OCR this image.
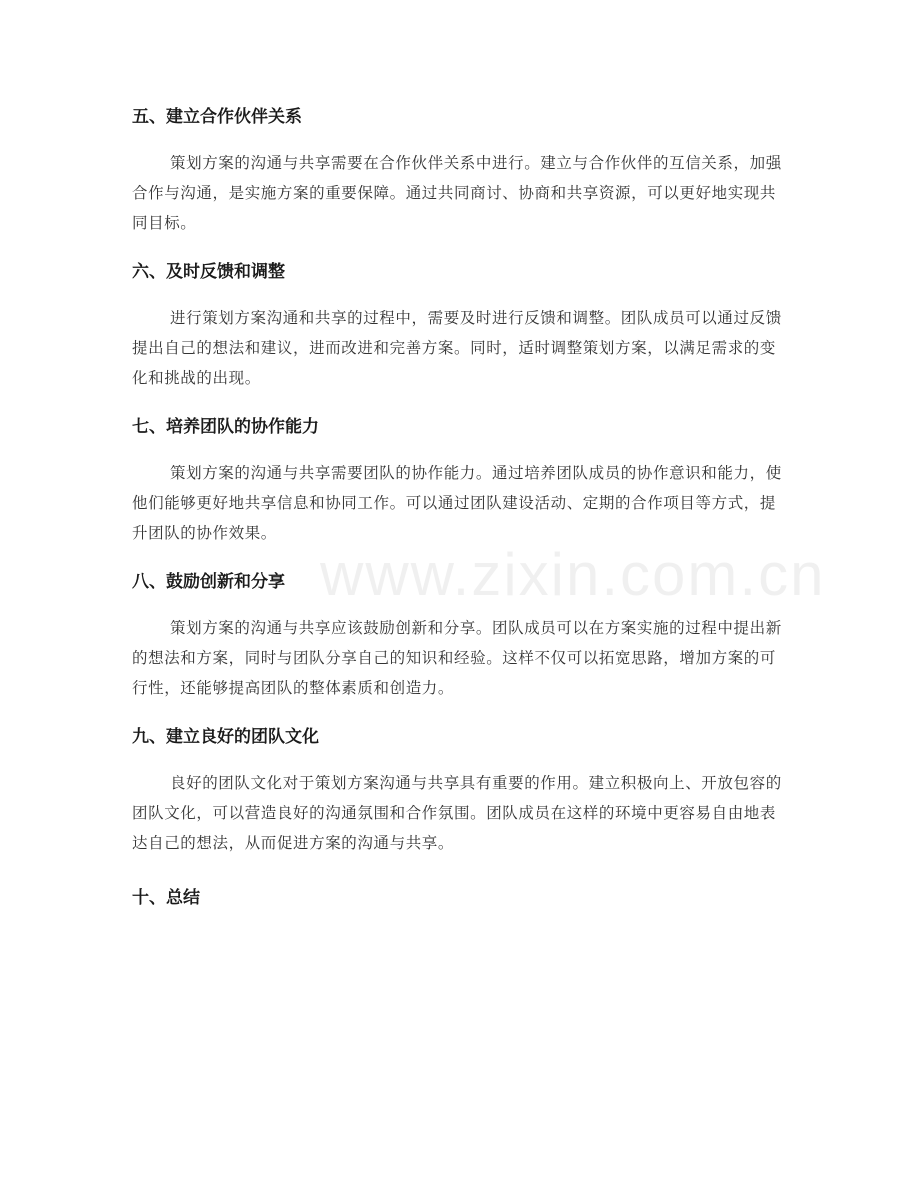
五、建立合作伙伴关系

策划方案的沟通与共享需要在合作伙伴关系中进行。建立与合作伙伴的互信关系，加强合作与沟通，是实施方案的重要保障。通过共同商讨、协商和共享资源，可以更好地实现共同目标。

六、及时反馈和调整

进行策划方案沟通和共享的过程中，需要及时进行反馈和调整。团队成员可以通过反馈提出自己的想法和建议，进而改进和完善方案。同时，适时调整策划方案，以满足需求的变化和挑战的出现。

七、培养团队的协作能力

策划方案的沟通与共享需要团队的协作能力。通过培养团队成员的协作意识和能力，使他们能够更好地共享信息和协同工作。可以通过团队建设活动、定期的合作项目等方式，提升团队的协作效果。

八、鼓励创新和分享

策划方案的沟通与共享应该鼓励创新和分享。团队成员可以在方案实施的过程中提出新的想法和方案，同时与团队分享自己的知识和经验。这样不仅可以拓宽思路，增加方案的可行性，还能够提高团队的整体素质和创造力。

九、建立良好的团队文化

良好的团队文化对于策划方案沟通与共享具有重要的作用。建立积极向上、开放包容的团队文化，可以营造良好的沟通氛围和合作氛围。团队成员在这样的环境中更容易自由地表达自己的想法，从而促进方案的沟通与共享。

十、总结
www.zixin.com.cn
